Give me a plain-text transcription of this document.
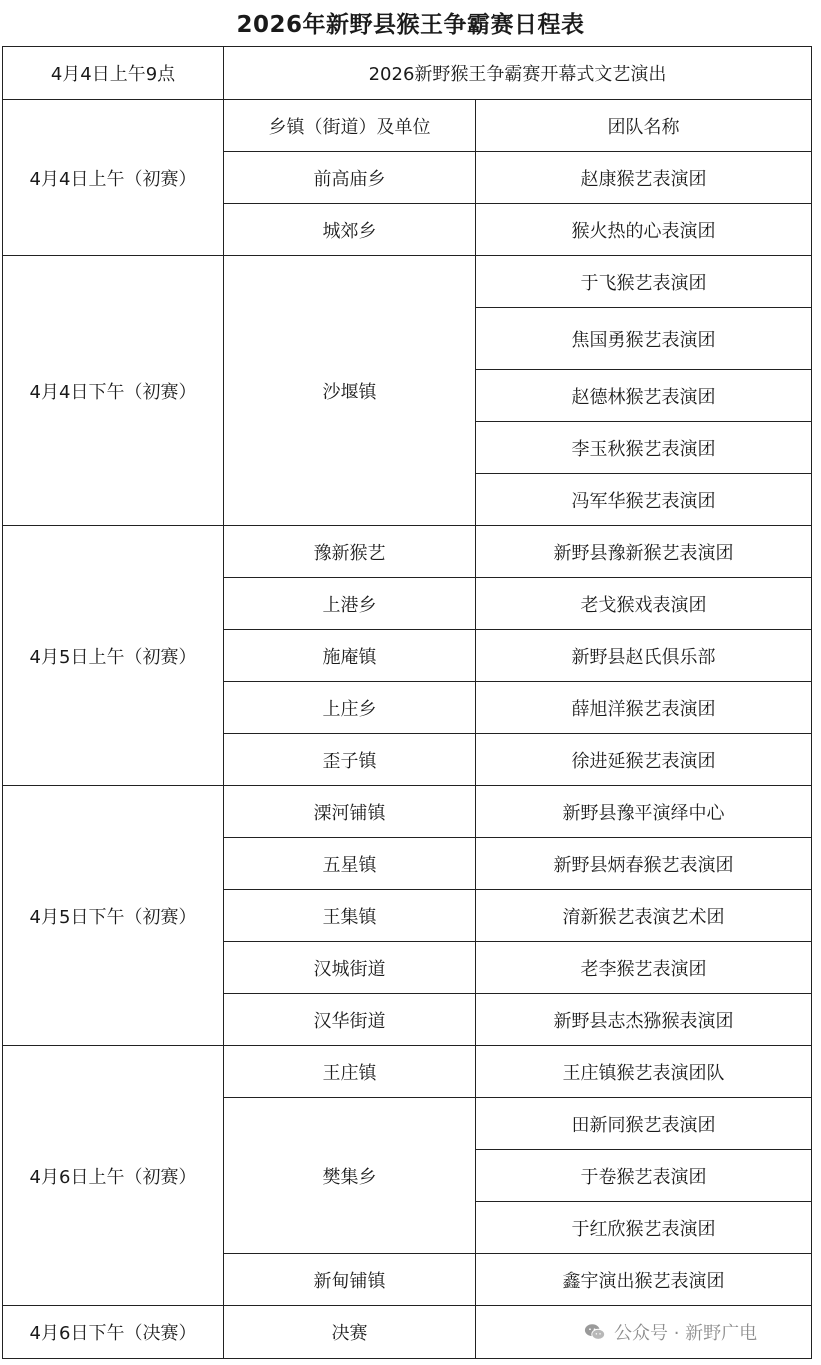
2026年新野县猴王争霸赛日程表
4月4日上午9点	2026新野猴王争霸赛开幕式文艺演出	
4月4日上午（初赛）	乡镇（街道）及单位	团队名称
	前高庙乡	赵康猴艺表演团
	城郊乡	猴火热的心表演团
4月4日下午（初赛）	沙堰镇	于飞猴艺表演团
		焦国勇猴艺表演团
		赵德林猴艺表演团
		李玉秋猴艺表演团
		冯军华猴艺表演团
4月5日上午（初赛）	豫新猴艺	新野县豫新猴艺表演团
	上港乡	老戈猴戏表演团
	施庵镇	新野县赵氏俱乐部
	上庄乡	薛旭洋猴艺表演团
	歪子镇	徐进延猴艺表演团
4月5日下午（初赛）	溧河铺镇	新野县豫平演绎中心
	五星镇	新野县炳春猴艺表演团
	王集镇	淯新猴艺表演艺术团
	汉城街道	老李猴艺表演团
	汉华街道	新野县志杰猕猴表演团
4月6日上午（初赛）	王庄镇	王庄镇猴艺表演团队
	樊集乡	田新同猴艺表演团
		于卷猴艺表演团
		于红欣猴艺表演团
	新甸铺镇	鑫宇演出猴艺表演团
4月6日下午（决赛）	决赛		公众号 · 新野广电
